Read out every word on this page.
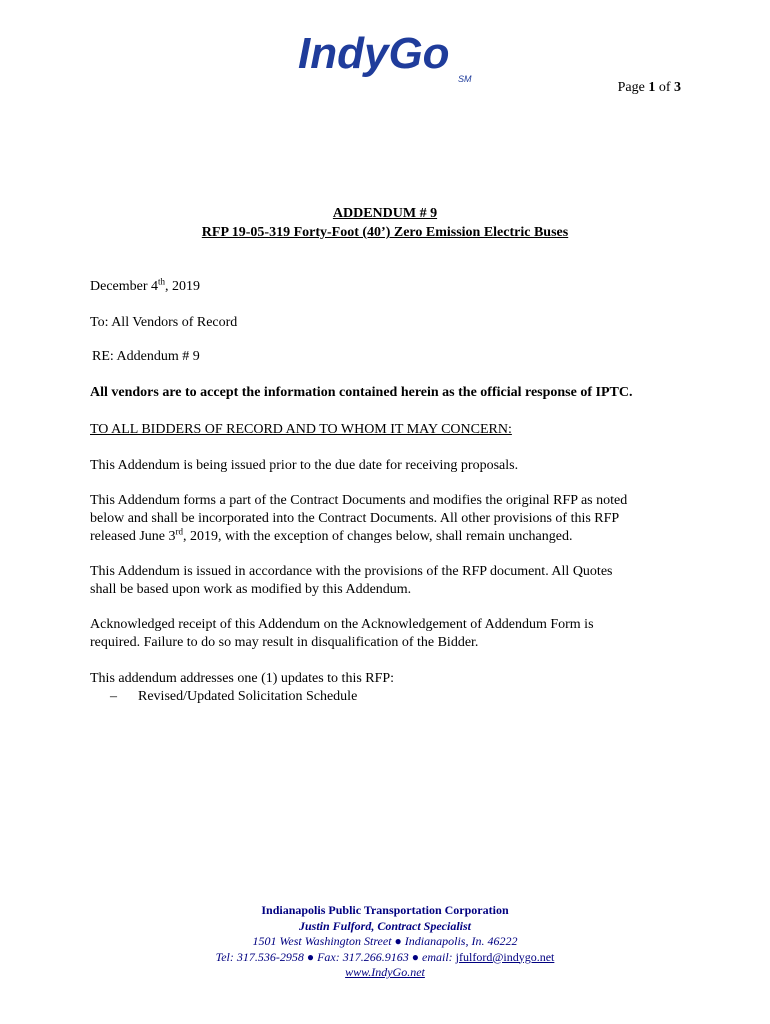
IndyGo
SM
Page 1 of 3
ADDENDUM # 9
RFP 19-05-319 Forty-Foot (40’) Zero Emission Electric Buses
December 4th, 2019
To: All Vendors of Record
RE: Addendum # 9
All vendors are to accept the information contained herein as the official response of IPTC.
TO ALL BIDDERS OF RECORD AND TO WHOM IT MAY CONCERN:
This Addendum is being issued prior to the due date for receiving proposals.
This Addendum forms a part of the Contract Documents and modifies the original RFP as noted
below and shall be incorporated into the Contract Documents. All other provisions of this RFP
released June 3rd, 2019, with the exception of changes below, shall remain unchanged.
This Addendum is issued in accordance with the provisions of the RFP document. All Quotes
shall be based upon work as modified by this Addendum.
Acknowledged receipt of this Addendum on the Acknowledgement of Addendum Form is
required. Failure to do so may result in disqualification of the Bidder.
This addendum addresses one (1) updates to this RFP:
– Revised/Updated Solicitation Schedule
Indianapolis Public Transportation Corporation
Justin Fulford, Contract Specialist
1501 West Washington Street ● Indianapolis, In. 46222
Tel: 317.536-2958 ● Fax: 317.266.9163 ● email: jfulford@indygo.net
www.IndyGo.net
